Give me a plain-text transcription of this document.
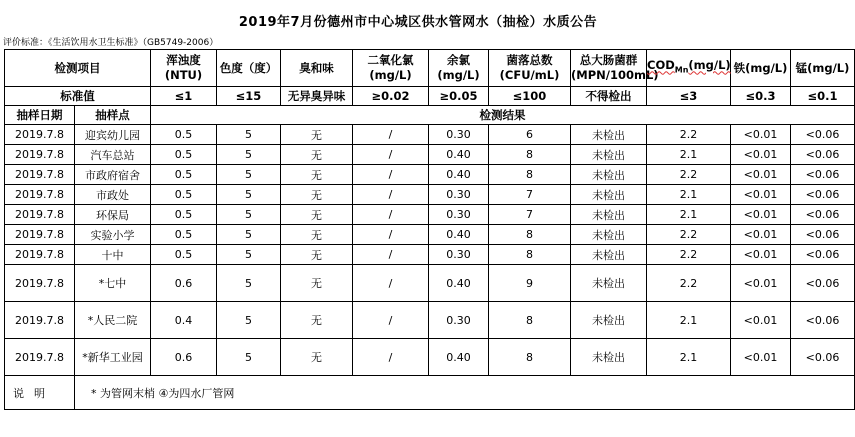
2019年7月份德州市中心城区供水管网水（抽检）水质公告
评价标准：《生活饮用水卫生标准》（GB5749-2006）
检测项目		浑浊度(NTU)	色度（度）	臭和味	二氧化氯(mg/L)	余氯(mg/L)	菌落总数(CFU/mL)	总大肠菌群(MPN/100mL)	$COD_{Mn}(mg/L)$	铁(mg/L)	锰(mg/L)
标准值		≤1	≤15	无异臭异味	≥0.02	≥0.05	≤100	不得检出	≤3	≤0.3	≤0.1
抽样日期	抽样点	检测结果									
2019.7.8	迎宾幼儿园	0.5	5	无	/	0.30	6	未检出	2.2	<0.01	<0.06
2019.7.8	汽车总站	0.5	5	无	/	0.40	8	未检出	2.1	<0.01	<0.06
2019.7.8	市政府宿舍	0.5	5	无	/	0.40	8	未检出	2.2	<0.01	<0.06
2019.7.8	市政处	0.5	5	无	/	0.30	7	未检出	2.1	<0.01	<0.06
2019.7.8	环保局	0.5	5	无	/	0.30	7	未检出	2.1	<0.01	<0.06
2019.7.8	实验小学	0.5	5	无	/	0.40	8	未检出	2.2	<0.01	<0.06
2019.7.8	十中	0.5	5	无	/	0.30	8	未检出	2.2	<0.01	<0.06
2019.7.8	*七中	0.6	5	无	/	0.40	9	未检出	2.2	<0.01	<0.06
2019.7.8	*人民二院	0.4	5	无	/	0.30	8	未检出	2.1	<0.01	<0.06
2019.7.8	*新华工业园	0.6	5	无	/	0.40	8	未检出	2.1	<0.01	<0.06
说明	* 为管网末梢 ④为四水厂管网										
